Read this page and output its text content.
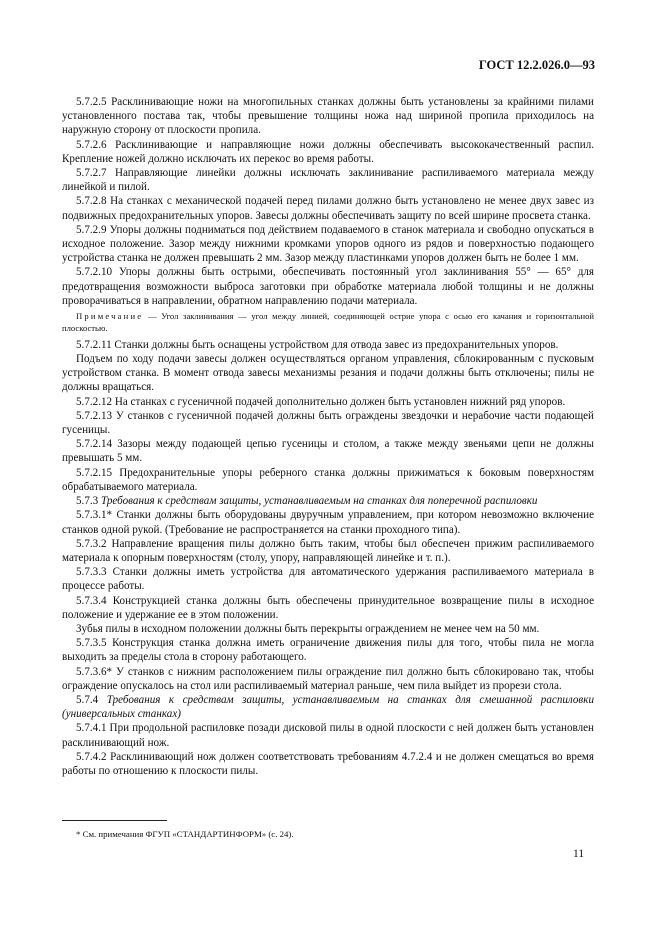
ГОСТ 12.2.026.0—93

5.7.2.5 Расклинивающие ножи на многопильных станках должны быть установлены за крайними пилами установленного постава так, чтобы превышение толщины ножа над шириной пропила приходилось на наружную сторону от плоскости пропила.

5.7.2.6 Расклинивающие и направляющие ножи должны обеспечивать высококачественный распил. Крепление ножей должно исключать их перекос во время работы.

5.7.2.7 Направляющие линейки должны исключать заклинивание распиливаемого материала между линейкой и пилой.

5.7.2.8 На станках с механической подачей перед пилами должно быть установлено не менее двух завес из подвижных предохранительных упоров. Завесы должны обеспечивать защиту по всей ширине просвета станка.

5.7.2.9 Упоры должны подниматься под действием подаваемого в станок материала и свободно опускаться в исходное положение. Зазор между нижними кромками упоров одного из рядов и поверхностью подающего устройства станка не должен превышать 2 мм. Зазор между пластинками упоров должен быть не более 1 мм.

5.7.2.10 Упоры должны быть острыми, обеспечивать постоянный угол заклинивания 55° — 65° для предотвращения возможности выброса заготовки при обработке материала любой толщины и не должны проворачиваться в направлении, обратном направлению подачи материала.

Примечание — Угол заклинивания — угол между линией, соединяющей острие упора с осью его качания и горизонтальной плоскостью.

5.7.2.11 Станки должны быть оснащены устройством для отвода завес из предохранительных упоров.

Подъем по ходу подачи завесы должен осуществляться органом управления, сблокированным с пусковым устройством станка. В момент отвода завесы механизмы резания и подачи должны быть отключены; пилы не должны вращаться.

5.7.2.12 На станках с гусеничной подачей дополнительно должен быть установлен нижний ряд упоров.

5.7.2.13 У станков с гусеничной подачей должны быть ограждены звездочки и нерабочие части подающей гусеницы.

5.7.2.14 Зазоры между подающей цепью гусеницы и столом, а также между звеньями цепи не должны превышать 5 мм.

5.7.2.15 Предохранительные упоры реберного станка должны прижиматься к боковым поверхностям обрабатываемого материала.

5.7.3 Требования к средствам защиты, устанавливаемым на станках для поперечной распиловки

5.7.3.1* Станки должны быть оборудованы двуручным управлением, при котором невозможно включение станков одной рукой. (Требование не распространяется на станки проходного типа).

5.7.3.2 Направление вращения пилы должно быть таким, чтобы был обеспечен прижим распиливаемого материала к опорным поверхностям (столу, упору, направляющей линейке и т. п.).

5.7.3.3 Станки должны иметь устройства для автоматического удержания распиливаемого материала в процессе работы.

5.7.3.4 Конструкцией станка должны быть обеспечены принудительное возвращение пилы в исходное положение и удержание ее в этом положении.

Зубья пилы в исходном положении должны быть перекрыты ограждением не менее чем на 50 мм.

5.7.3.5 Конструкция станка должна иметь ограничение движения пилы для того, чтобы пила не могла выходить за пределы стола в сторону работающего.

5.7.3.6* У станков с нижним расположением пилы ограждение пил должно быть сблокировано так, чтобы ограждение опускалось на стол или распиливаемый материал раньше, чем пила выйдет из прорези стола.

5.7.4 Требования к средствам защиты, устанавливаемым на станках для смешанной распиловки (универсальных станках)

5.7.4.1 При продольной распиловке позади дисковой пилы в одной плоскости с ней должен быть установлен расклинивающий нож.

5.7.4.2 Расклинивающий нож должен соответствовать требованиям 4.7.2.4 и не должен смещаться во время работы по отношению к плоскости пилы.

* См. примечания ФГУП «СТАНДАРТИНФОРМ» (с. 24).
11
